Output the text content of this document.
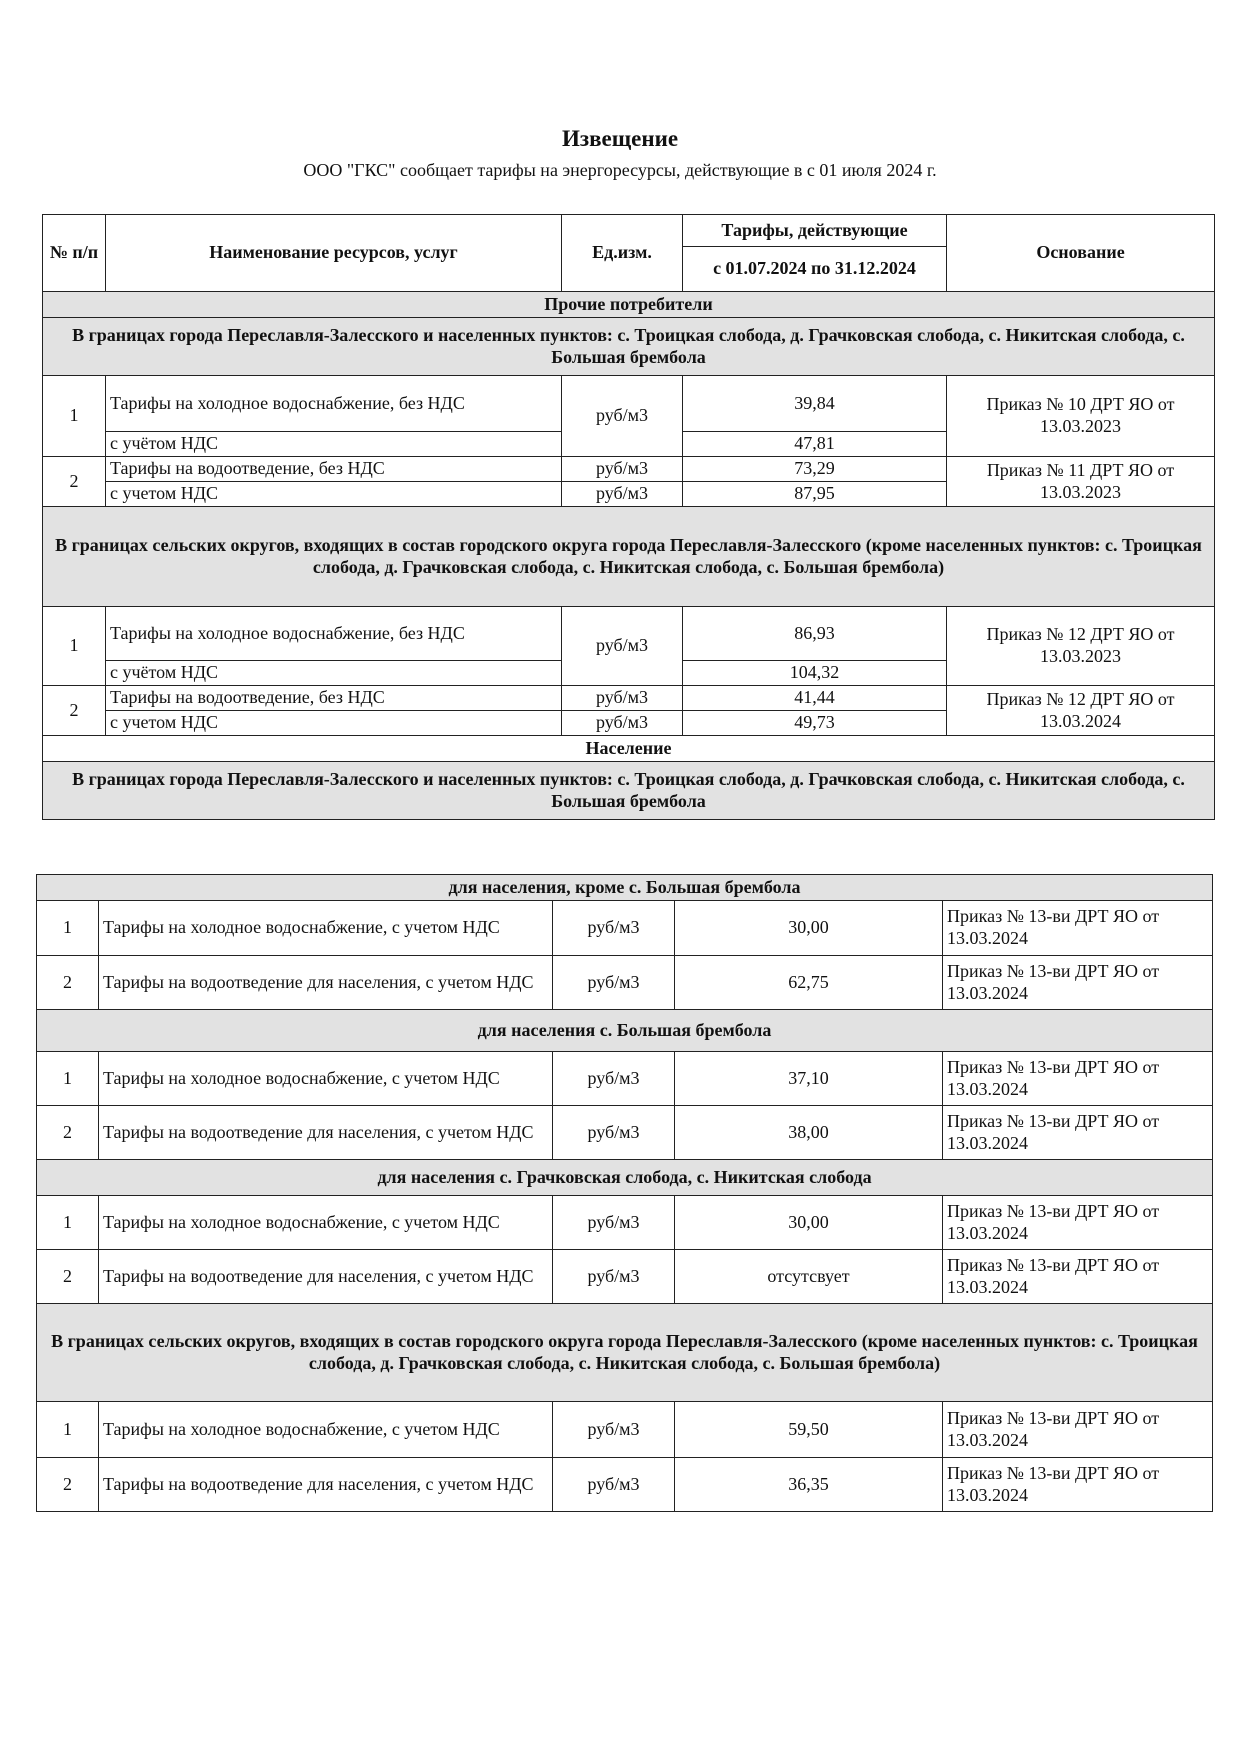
Извещение
ООО "ГКС" сообщает тарифы на энергоресурсы, действующие в с 01 июля 2024 г.
№ п/п	Наименование ресурсов, услуг	Ед.изм.	Тарифы, действующие	Основание
			с 01.07.2024 по 31.12.2024	
Прочие потребители				
В границах города Переславля-Залесского и населенных пунктов: с. Троицкая слобода, д. Грачковская слобода, с. Никитская слобода, с. Большая брембола				
1	Тарифы на холодное водоснабжение, без НДС	руб/м3	39,84	Приказ № 10 ДРТ ЯО от 13.03.2023
	с учётом НДС		47,81	
2	Тарифы на водоотведение, без НДС	руб/м3	73,29	Приказ № 11 ДРТ ЯО от 13.03.2023
	с учетом НДС	руб/м3	87,95	
В границах сельских округов, входящих в состав городского округа города Переславля-Залесского (кроме населенных пунктов: с. Троицкая слобода, д. Грачковская слобода, с. Никитская слобода, с. Большая брембола)				
1	Тарифы на холодное водоснабжение, без НДС	руб/м3	86,93	Приказ № 12 ДРТ ЯО от 13.03.2023
	с учётом НДС		104,32	
2	Тарифы на водоотведение, без НДС	руб/м3	41,44	Приказ № 12 ДРТ ЯО от 13.03.2024
	с учетом НДС	руб/м3	49,73	
Население				
В границах города Переславля-Залесского и населенных пунктов: с. Троицкая слобода, д. Грачковская слобода, с. Никитская слобода, с. Большая брембола				
для населения, кроме с. Большая брембола				
1	Тарифы на холодное водоснабжение, с учетом НДС	руб/м3	30,00	Приказ № 13-ви ДРТ ЯО от 13.03.2024
2	Тарифы на водоотведение для населения, с учетом НДС	руб/м3	62,75	Приказ № 13-ви ДРТ ЯО от 13.03.2024
для населения с. Большая брембола				
1	Тарифы на холодное водоснабжение, с учетом НДС	руб/м3	37,10	Приказ № 13-ви ДРТ ЯО от 13.03.2024
2	Тарифы на водоотведение для населения, с учетом НДС	руб/м3	38,00	Приказ № 13-ви ДРТ ЯО от 13.03.2024
для населения с. Грачковская слобода, с. Никитская слобода				
1	Тарифы на холодное водоснабжение, с учетом НДС	руб/м3	30,00	Приказ № 13-ви ДРТ ЯО от 13.03.2024
2	Тарифы на водоотведение для населения, с учетом НДС	руб/м3	отсутсвует	Приказ № 13-ви ДРТ ЯО от 13.03.2024
В границах сельских округов, входящих в состав городского округа города Переславля-Залесского (кроме населенных пунктов: с. Троицкая слобода, д. Грачковская слобода, с. Никитская слобода, с. Большая брембола)				
1	Тарифы на холодное водоснабжение, с учетом НДС	руб/м3	59,50	Приказ № 13-ви ДРТ ЯО от 13.03.2024
2	Тарифы на водоотведение для населения, с учетом НДС	руб/м3	36,35	Приказ № 13-ви ДРТ ЯО от 13.03.2024
